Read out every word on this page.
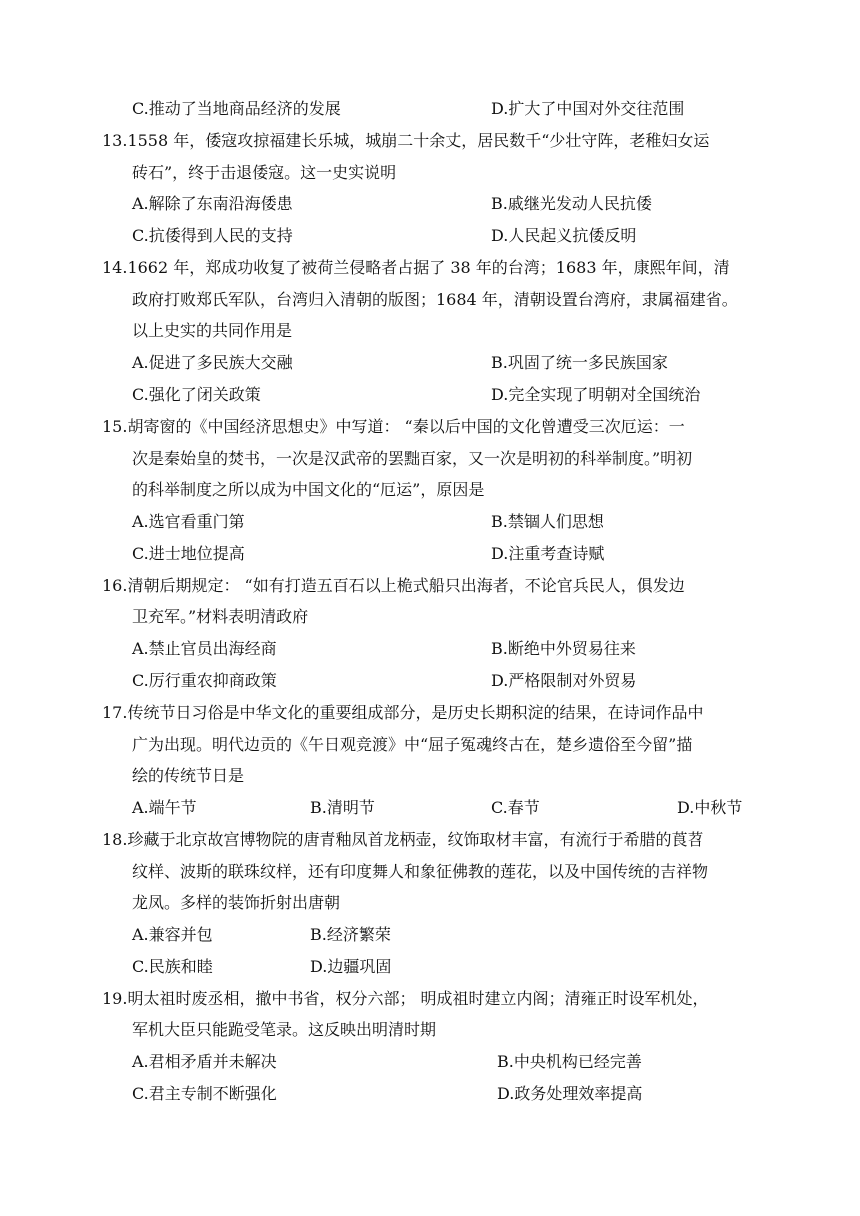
C.推动了当地商品经济的发展	D.扩大了中国对外交往范围
13.1558 年，倭寇攻掠福建长乐城，城崩二十余丈，居民数千“少壮守阵，老稚妇女运
砖石”，终于击退倭寇。这一史实说明
A.解除了东南沿海倭患	B.戚继光发动人民抗倭
C.抗倭得到人民的支持	D.人民起义抗倭反明
14.1662 年，郑成功收复了被荷兰侵略者占据了 38 年的台湾；1683 年，康熙年间，清
政府打败郑氏军队，台湾归入清朝的版图；1684 年，清朝设置台湾府，隶属福建省。
以上史实的共同作用是
A.促进了多民族大交融	B.巩固了统一多民族国家
C.强化了闭关政策	D.完全实现了明朝对全国统治
15.胡寄窗的《中国经济思想史》中写道： “秦以后中国的文化曾遭受三次厄运：一
次是秦始皇的焚书，一次是汉武帝的罢黜百家，又一次是明初的科举制度。”明初
的科举制度之所以成为中国文化的“厄运”，原因是
A.选官看重门第	B.禁锢人们思想
C.进士地位提高	D.注重考查诗赋
16.清朝后期规定： “如有打造五百石以上桅式船只出海者，不论官兵民人，俱发边
卫充军。”材料表明清政府
A.禁止官员出海经商	B.断绝中外贸易往来
C.厉行重农抑商政策	D.严格限制对外贸易
17.传统节日习俗是中华文化的重要组成部分，是历史长期积淀的结果，在诗词作品中
广为出现。明代边贡的《午日观竞渡》中“屈子冤魂终古在，楚乡遗俗至今留”描
绘的传统节日是
A.端午节	B.清明节	C.春节	D.中秋节
18.珍藏于北京故宫博物院的唐青釉凤首龙柄壶，纹饰取材丰富，有流行于希腊的莨苕
纹样、波斯的联珠纹样，还有印度舞人和象征佛教的莲花，以及中国传统的吉祥物
龙凤。多样的装饰折射出唐朝
A.兼容并包	B.经济繁荣
C.民族和睦	D.边疆巩固
19.明太祖时废丞相，撤中书省，权分六部； 明成祖时建立内阁；清雍正时设军机处，
军机大臣只能跪受笔录。这反映出明清时期
A.君相矛盾并未解决	B.中央机构已经完善
C.君主专制不断强化	D.政务处理效率提高
